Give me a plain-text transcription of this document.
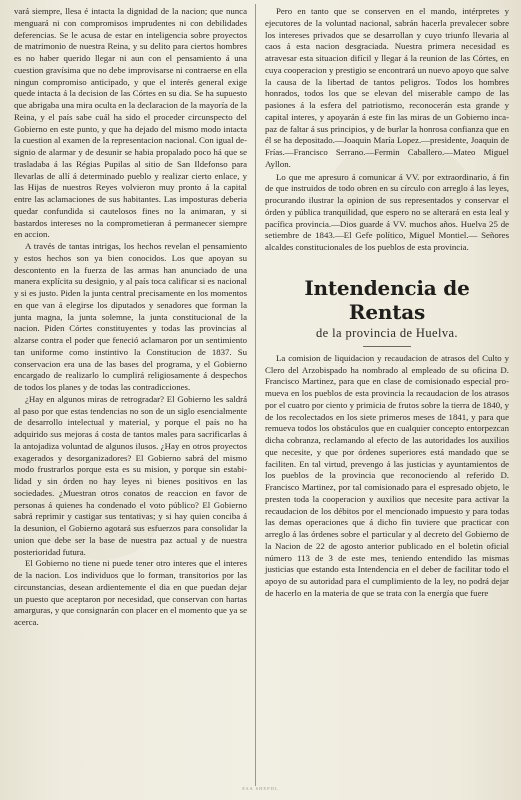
vará siempre, llesa é intacta la dignidad de la nacion; que nunca menguará ni con compromisos imprudentes ni con debilidades deferencias. Se le acusa de estar en inteligencia sobre proyectos de matrimonio de nuestra Reina, y su delito para ciertos hombres es no haber querido llegar ni aun con el pensamiento á una cuestion gravísima que no debe improvisarse ni contraerse en ella ningun compromiso anticipado, y que el interés general exige quede intacta á la decision de las Córtes en su dia. Se ha supuesto que abrigaba una mira oculta en la declaracion de la mayoría de la Reina, y el país sabe cuál ha sido el proceder circunspecto del Gobierno en este punto, y que ha dejado del mismo modo intacta la cuestion al examen de la representacion nacional. Con igual designio de alarmar y de desunir se habia propalado poco há que se trasladaba á las Régias Pupilas al sitio de San Ildefonso para llevarlas de allí á determinado pueblo y realizar cierto enlace, y las Hijas de nuestros Reyes volvieron muy pronto á la capital entre las aclamaciones de sus habitantes. Las imposturas deberia quedar confundida si cautelosos fines no la animaran, y si bastardos intereses no la comprometieran á permanecer siempre en accion.

A través de tantas intrigas, los hechos revelan el pensamiento y estos hechos son ya bien conocidos. Los que apoyan su descontento en la fuerza de las armas han anunciado de una manera explícita su designio, y al país toca calificar si es nacional y si es justo. Piden la junta central precisamente en los momentos en que van á elegirse los diputados y senadores que forman la junta magna, la junta solemne, la junta constitucional de la nacion. Piden Córtes constituyentes y todas las provincias al alzarse contra el poder que feneció aclamaron por un sentimiento tan uniforme como instintivo la Constitucion de 1837. Su conservacion era una de las bases del programa, y el Gobierno encargado de realizarlo lo cumplirá religiosamente á despechos de todos los planes y de todas las contradicciones.

¿Hay en algunos miras de retrogradar? El Gobierno les saldrá al paso por que estas tendencias no son de un siglo esencialmente de desarrollo intelectual y material, y porque el país no ha adquirido sus mejoras á costa de tantos males para sacrificarlas á la antojadiza voluntad de algunos ilusos. ¿Hay en otros proyectos exagerados y desorganizadores? El Gobierno sabrá del mismo modo frustrarlos porque esta es su mision, y porque sin estabilidad y sin órden no hay leyes ni bienes positivos en las sociedades. ¿Muestran otros conatos de reaccion en favor de personas á quienes ha condenado el voto público? El Gobierno sabrá reprimir y castigar sus tentativas; y si hay quien conciba á la desunion, el Gobierno agotará sus esfuerzos para consolidar la union que debe ser la base de nuestra paz actual y de nuestra posterioridad futura.

El Gobierno no tiene ni puede tener otro interes que el interes de la nacion. Los individuos que lo forman, transitorios por las circunstancias, desean ardientemente el dia en que puedan dejar un puesto que aceptaron por necesidad, que conservan con hartas amarguras, y que consignarán con placer en el momento que ya se acerca.

Pero en tanto que se conserven en el mando, intérpretes y ejecutores de la voluntad nacional, sabrán hacerla prevalecer sobre los intereses privados que se desarrollan y cuyo triunfo llevaria al caos á esta nacion desgraciada. Nuestra primera necesidad es atravesar esta situacion difícil y llegar á la reunion de las Córtes, en cuya cooperacion y prestigio se encontrará un nuevo apoyo que salve la causa de la libertad de tantos peligros. Todos los hombres honrados, todos los que se elevan del miserable campo de las pasiones á la esfera del patriotismo, reconocerán esta grande y capital interes, y apoyarán á este fin las miras de un Gobierno incapaz de faltar á sus principios, y de burlar la honrosa confianza que en él se ha depositado.—Joaquin María Lopez.—presidente, Joaquin de Frías.—Francisco Serrano.—Fermin Caballero.—Mateo Miguel Ayllon.

Lo que me apresuro á comunicar á VV. por extraordinario, á fin de que instruidos de todo obren en su círculo con arreglo á las leyes, procurando ilustrar la opinion de sus representados y conservar el órden y pública tranquilidad, que espero no se alterará en esta leal y pacífica provincia.—Dios guarde á VV. muchos años. Huelva 25 de setiembre de 1843.—El Gefe político, Miguel Montiel.— Señores alcaldes constitucionales de los pueblos de esta provincia.

Intendencia de Rentas
de la provincia de Huelva.

La comision de liquidacion y recaudacion de atrasos del Culto y Clero del Arzobispado ha nombrado al empleado de su oficina D. Francisco Martinez, para que en clase de comisionado especial promueva en los pueblos de esta provincia la recaudacion de los atrasos por el cuatro por ciento y primicia de frutos sobre la tierra de 1840, y de los recolectados en los siete primeros meses de 1841, y para que remueva todos los obstáculos que en cualquier concepto entorpezcan dicha cobranza, reclamando al efecto de las autoridades los auxilios que necesite, y que por órdenes superiores está mandado que se faciliten. En tal virtud, prevengo á las justicias y ayuntamientos de los pueblos de la provincia que reconociendo al referido D. Francisco Martinez, por tal comisionado para el espresado objeto, le presten toda la cooperacion y auxilios que necesite para activar la recaudacion de los débitos por el mencionado impuesto y para todas las demas operaciones que á dicho fin tuviere que practicar con arreglo á las órdenes sobre el particular y al decreto del Gobierno de la Nacion de 22 de agosto anterior publicado en el boletin oficial número 113 de 3 de este mes, teniendo entendido las mismas justicias que estando esta Intendencia en el deber de facilitar todo el apoyo de su autoridad para el cumplimiento de la ley, no podrá dejar de hacerlo en la materia de que se trata con la energía que fuere

ESA SHEPDL
